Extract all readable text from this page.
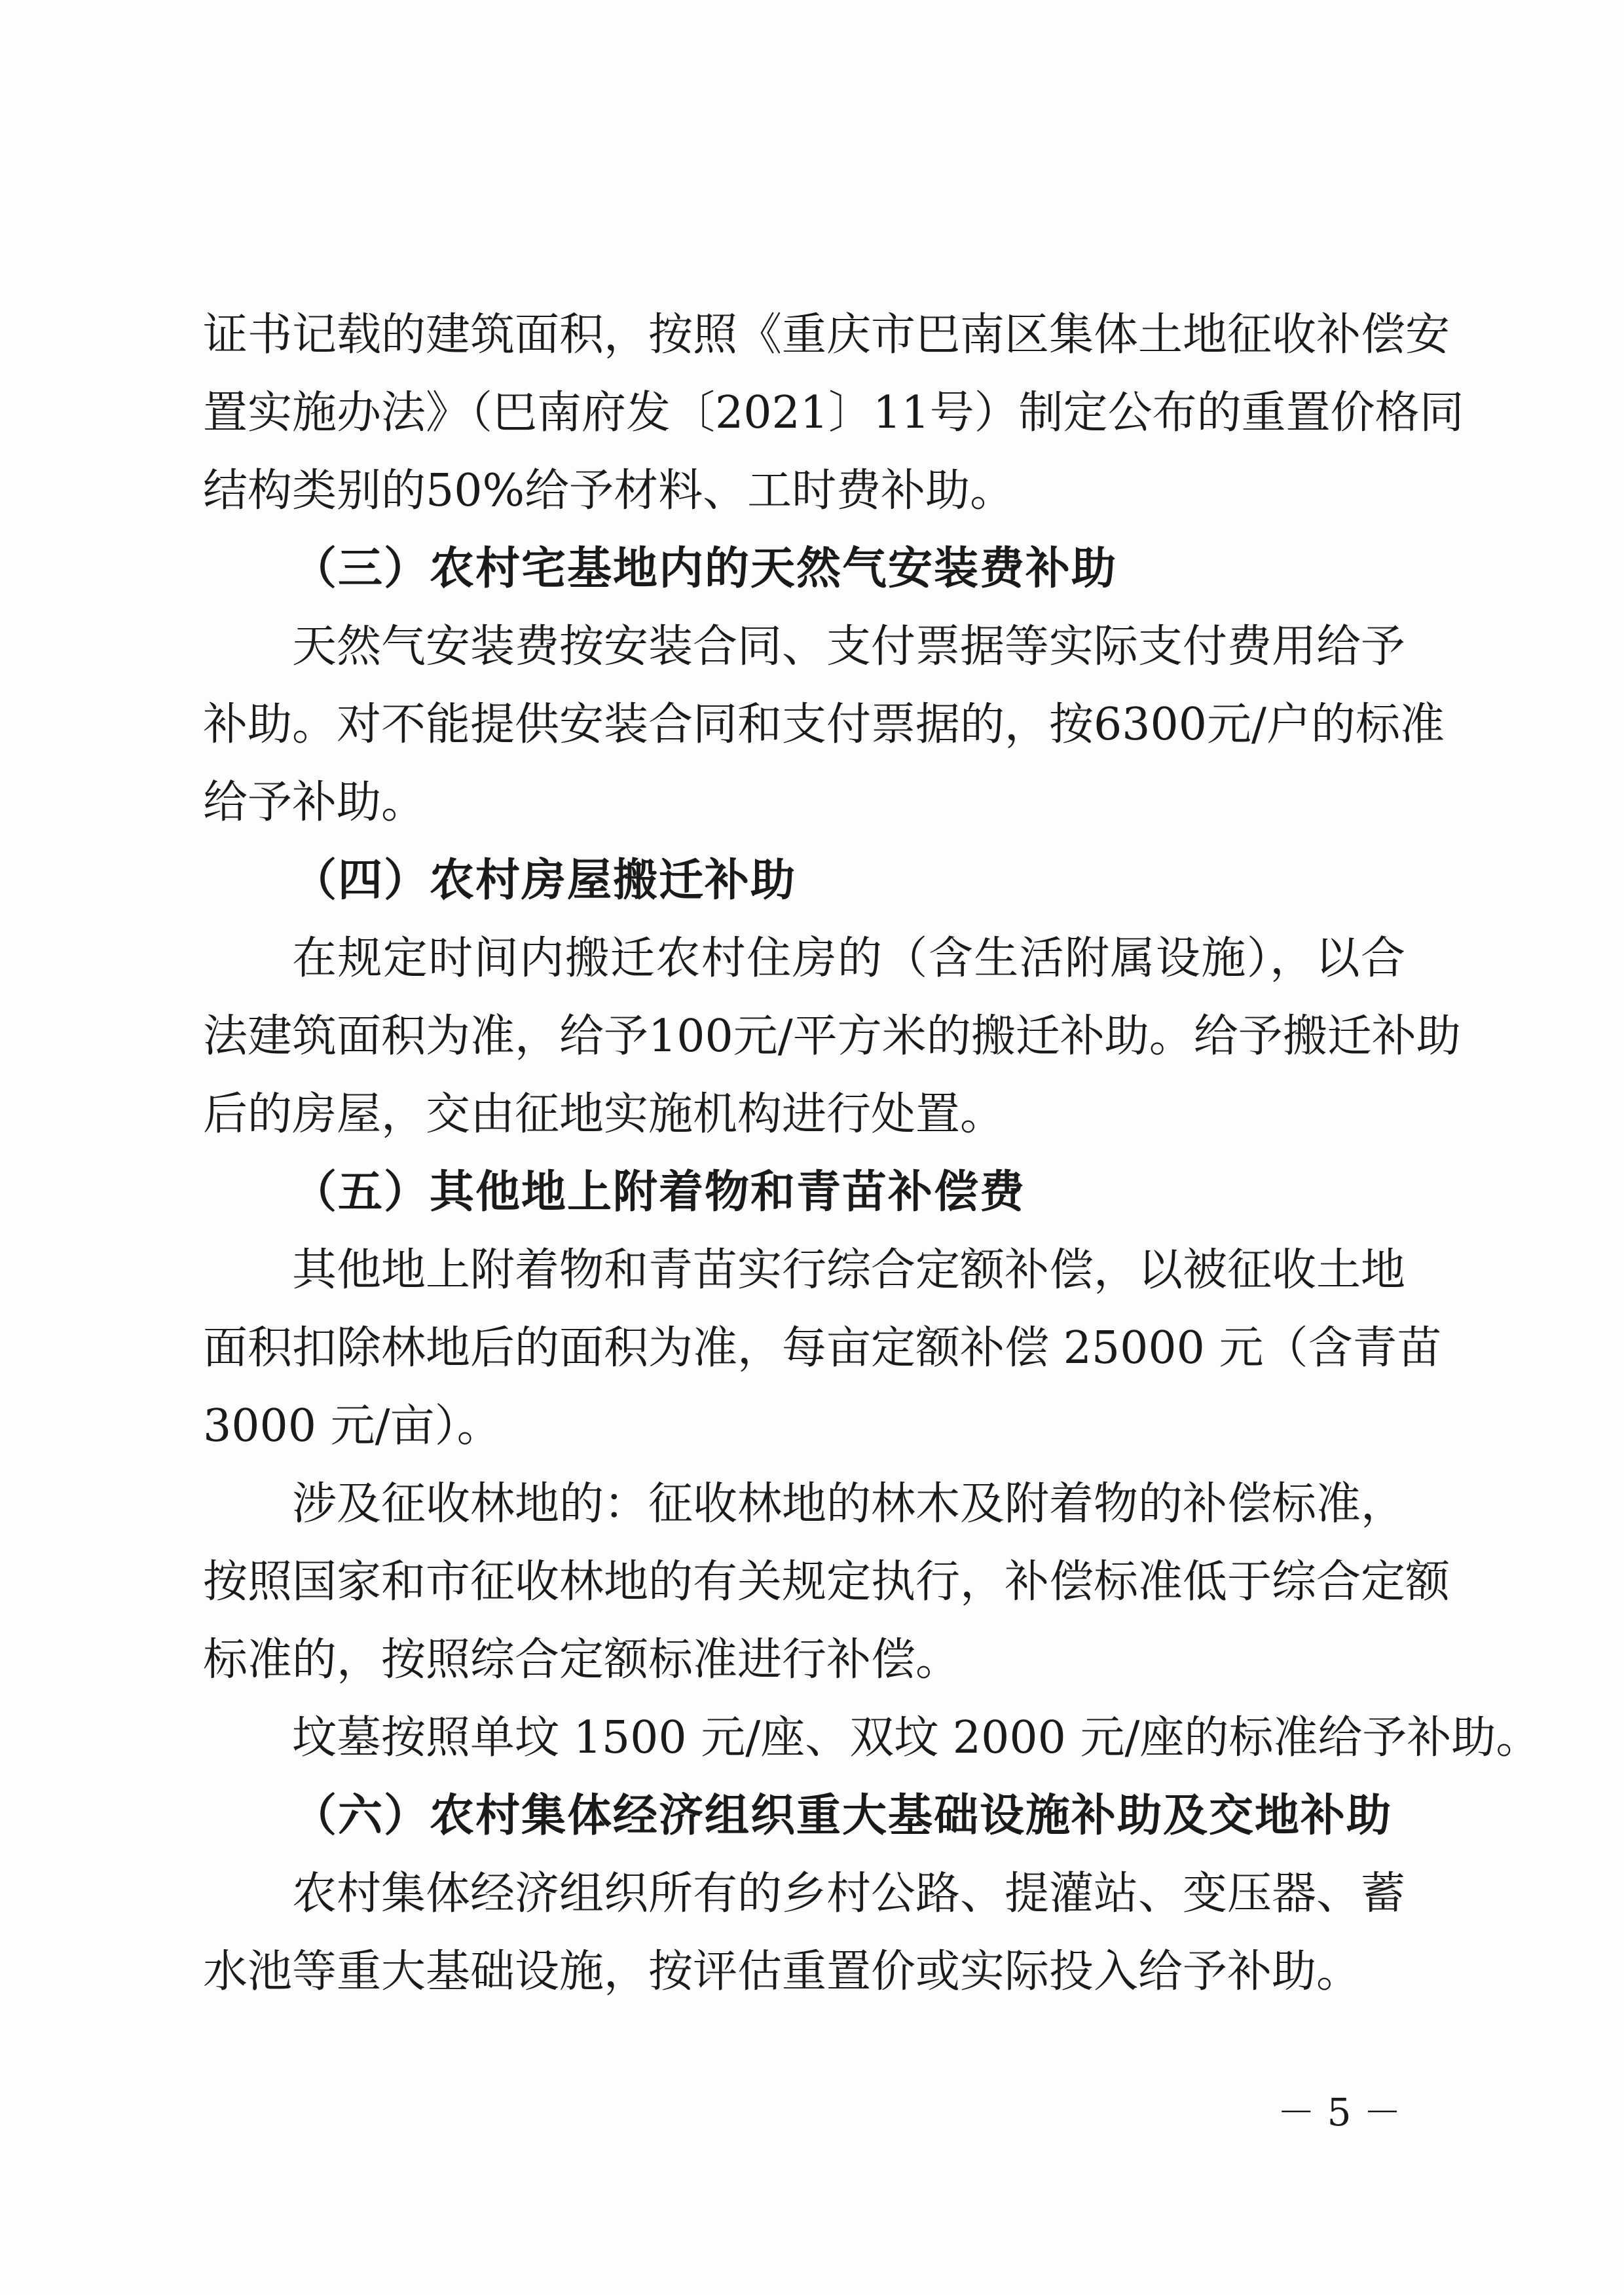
证书记载的建筑面积，按照《重庆市巴南区集体土地征收补偿安
置实施办法》（巴南府发〔2021〕11号）制定公布的重置价格同
结构类别的50%给予材料、工时费补助。
（三）农村宅基地内的天然气安装费补助
天然气安装费按安装合同、支付票据等实际支付费用给予
补助。对不能提供安装合同和支付票据的，按6300元/户的标准
给予补助。
（四）农村房屋搬迁补助
在规定时间内搬迁农村住房的（含生活附属设施），以合
法建筑面积为准，给予100元/平方米的搬迁补助。给予搬迁补助
后的房屋，交由征地实施机构进行处置。
（五）其他地上附着物和青苗补偿费
其他地上附着物和青苗实行综合定额补偿，以被征收土地
面积扣除林地后的面积为准，每亩定额补偿 25000 元（含青苗
3000 元/亩）。
涉及征收林地的：征收林地的林木及附着物的补偿标准，
按照国家和市征收林地的有关规定执行，补偿标准低于综合定额
标准的，按照综合定额标准进行补偿。
坟墓按照单坟 1500 元/座、双坟 2000 元/座的标准给予补助。
（六）农村集体经济组织重大基础设施补助及交地补助
农村集体经济组织所有的乡村公路、提灌站、变压器、蓄
水池等重大基础设施，按评估重置价或实际投入给予补助。
－ 5 －
